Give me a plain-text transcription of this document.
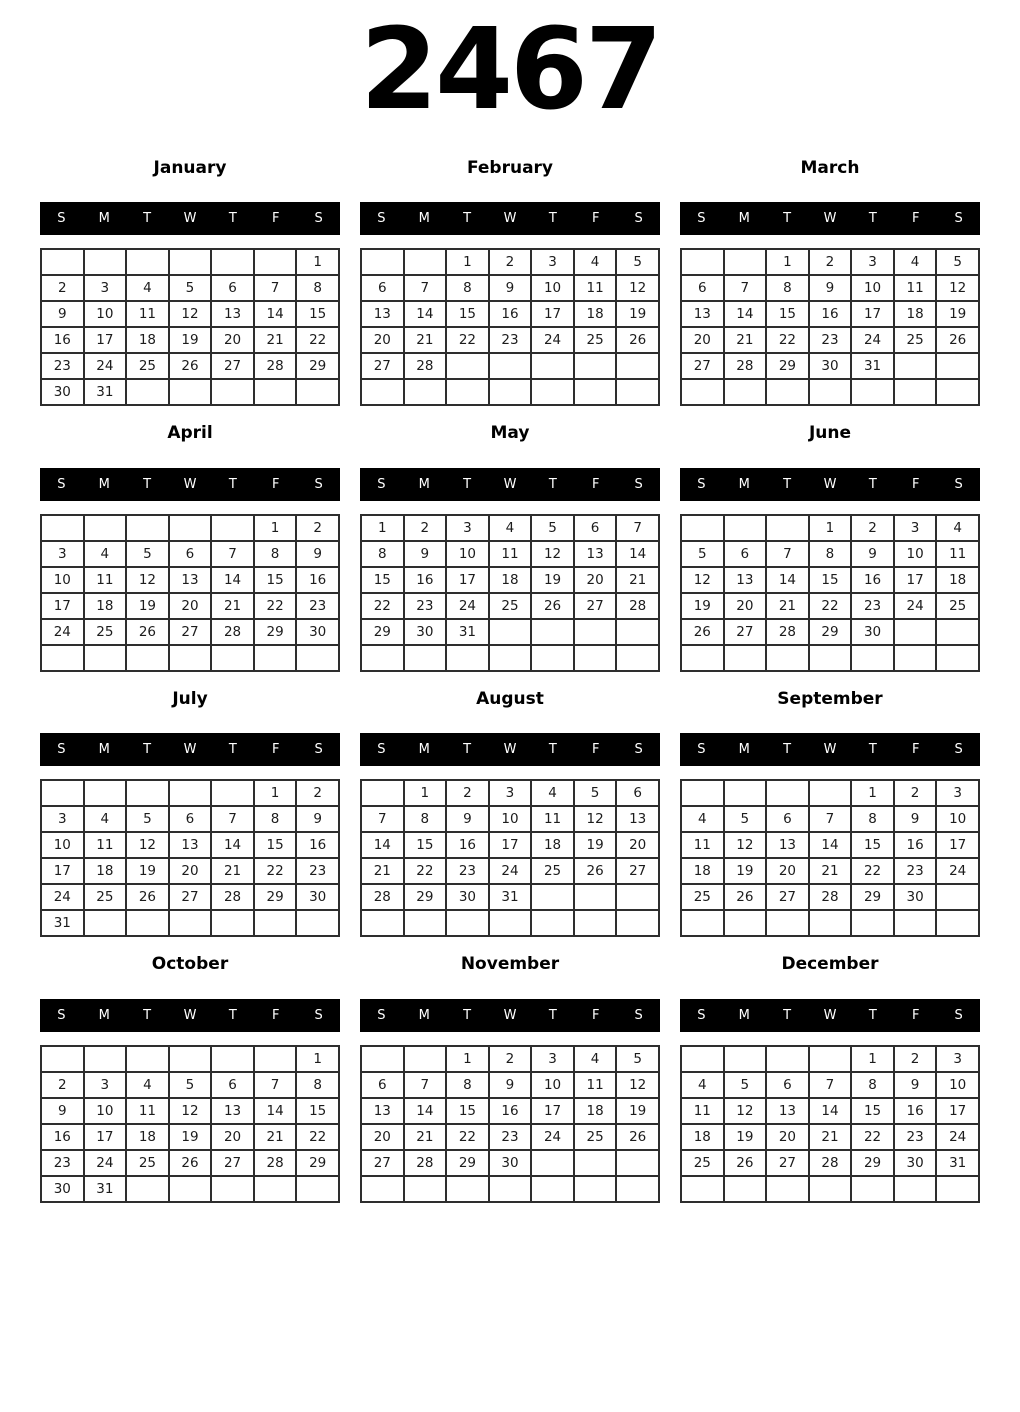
2467
January
S	M	T	W	T	F	S
						1
2	3	4	5	6	7	8
9	10	11	12	13	14	15
16	17	18	19	20	21	22
23	24	25	26	27	28	29
30	31					
February
S	M	T	W	T	F	S
		1	2	3	4	5
6	7	8	9	10	11	12
13	14	15	16	17	18	19
20	21	22	23	24	25	26
27	28					

March
S	M	T	W	T	F	S
		1	2	3	4	5
6	7	8	9	10	11	12
13	14	15	16	17	18	19
20	21	22	23	24	25	26
27	28	29	30	31		

April
S	M	T	W	T	F	S
					1	2
3	4	5	6	7	8	9
10	11	12	13	14	15	16
17	18	19	20	21	22	23
24	25	26	27	28	29	30

May
S	M	T	W	T	F	S
1	2	3	4	5	6	7
8	9	10	11	12	13	14
15	16	17	18	19	20	21
22	23	24	25	26	27	28
29	30	31				

June
S	M	T	W	T	F	S
			1	2	3	4
5	6	7	8	9	10	11
12	13	14	15	16	17	18
19	20	21	22	23	24	25
26	27	28	29	30		

July
S	M	T	W	T	F	S
					1	2
3	4	5	6	7	8	9
10	11	12	13	14	15	16
17	18	19	20	21	22	23
24	25	26	27	28	29	30
31						
August
S	M	T	W	T	F	S
	1	2	3	4	5	6
7	8	9	10	11	12	13
14	15	16	17	18	19	20
21	22	23	24	25	26	27
28	29	30	31			

September
S	M	T	W	T	F	S
				1	2	3
4	5	6	7	8	9	10
11	12	13	14	15	16	17
18	19	20	21	22	23	24
25	26	27	28	29	30	

October
S	M	T	W	T	F	S
						1
2	3	4	5	6	7	8
9	10	11	12	13	14	15
16	17	18	19	20	21	22
23	24	25	26	27	28	29
30	31					
November
S	M	T	W	T	F	S
		1	2	3	4	5
6	7	8	9	10	11	12
13	14	15	16	17	18	19
20	21	22	23	24	25	26
27	28	29	30			

December
S	M	T	W	T	F	S
				1	2	3
4	5	6	7	8	9	10
11	12	13	14	15	16	17
18	19	20	21	22	23	24
25	26	27	28	29	30	31
